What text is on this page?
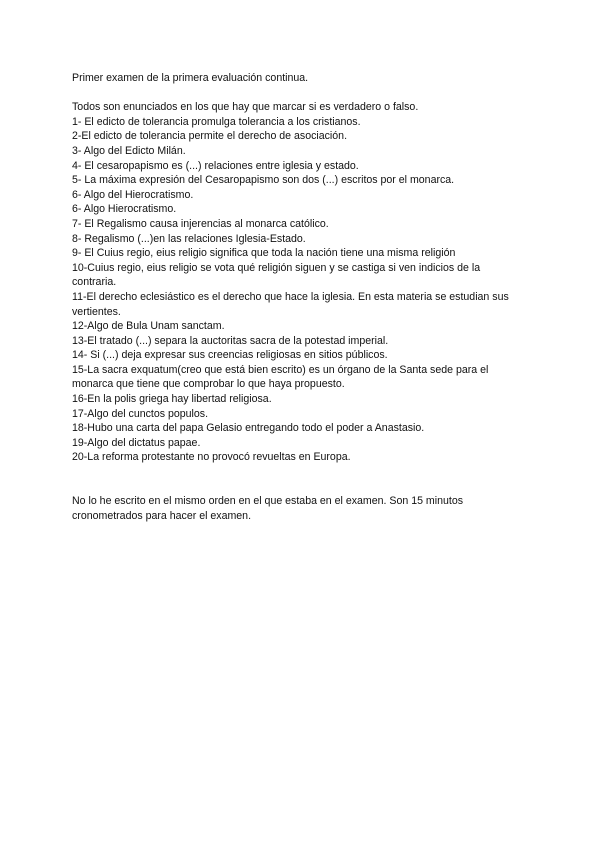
Primer examen de la primera evaluación continua.

Todos son enunciados en los que hay que marcar si es verdadero o falso.

1- El edicto de tolerancia promulga tolerancia a los cristianos.
2-El edicto de tolerancia permite el derecho de asociación.
3- Algo del Edicto Milán.
4- El cesaropapismo es (...) relaciones entre iglesia y estado.
5- La máxima expresión del Cesaropapismo son dos (...) escritos por el monarca.
6- Algo del Hierocratismo.
6- Algo Hierocratismo.
7- El Regalismo causa injerencias al monarca católico.
8- Regalismo (...)en las relaciones Iglesia-Estado.
9- El Cuius regio, eius religio significa que toda la nación tiene una misma religión
10-Cuius regio, eius religio se vota qué religión siguen y se castiga si ven indicios de la contraria.
11-El derecho eclesiástico es el derecho que hace la iglesia. En esta materia se estudian sus vertientes.
12-Algo de Bula Unam sanctam.
13-El tratado (...) separa la auctoritas sacra de la potestad imperial.
14- Si (...) deja expresar sus creencias religiosas en sitios públicos.
15-La sacra exquatum(creo que está bien escrito) es un órgano de la Santa sede para el monarca que tiene que comprobar lo que haya propuesto.
16-En la polis griega hay libertad religiosa.
17-Algo del cunctos populos.
18-Hubo una carta del papa Gelasio entregando todo el poder a Anastasio.
19-Algo del dictatus papae.
20-La reforma protestante no provocó revueltas en Europa.

No lo he escrito en el mismo orden en el que estaba en el examen. Son 15 minutos cronometrados para hacer el examen.
